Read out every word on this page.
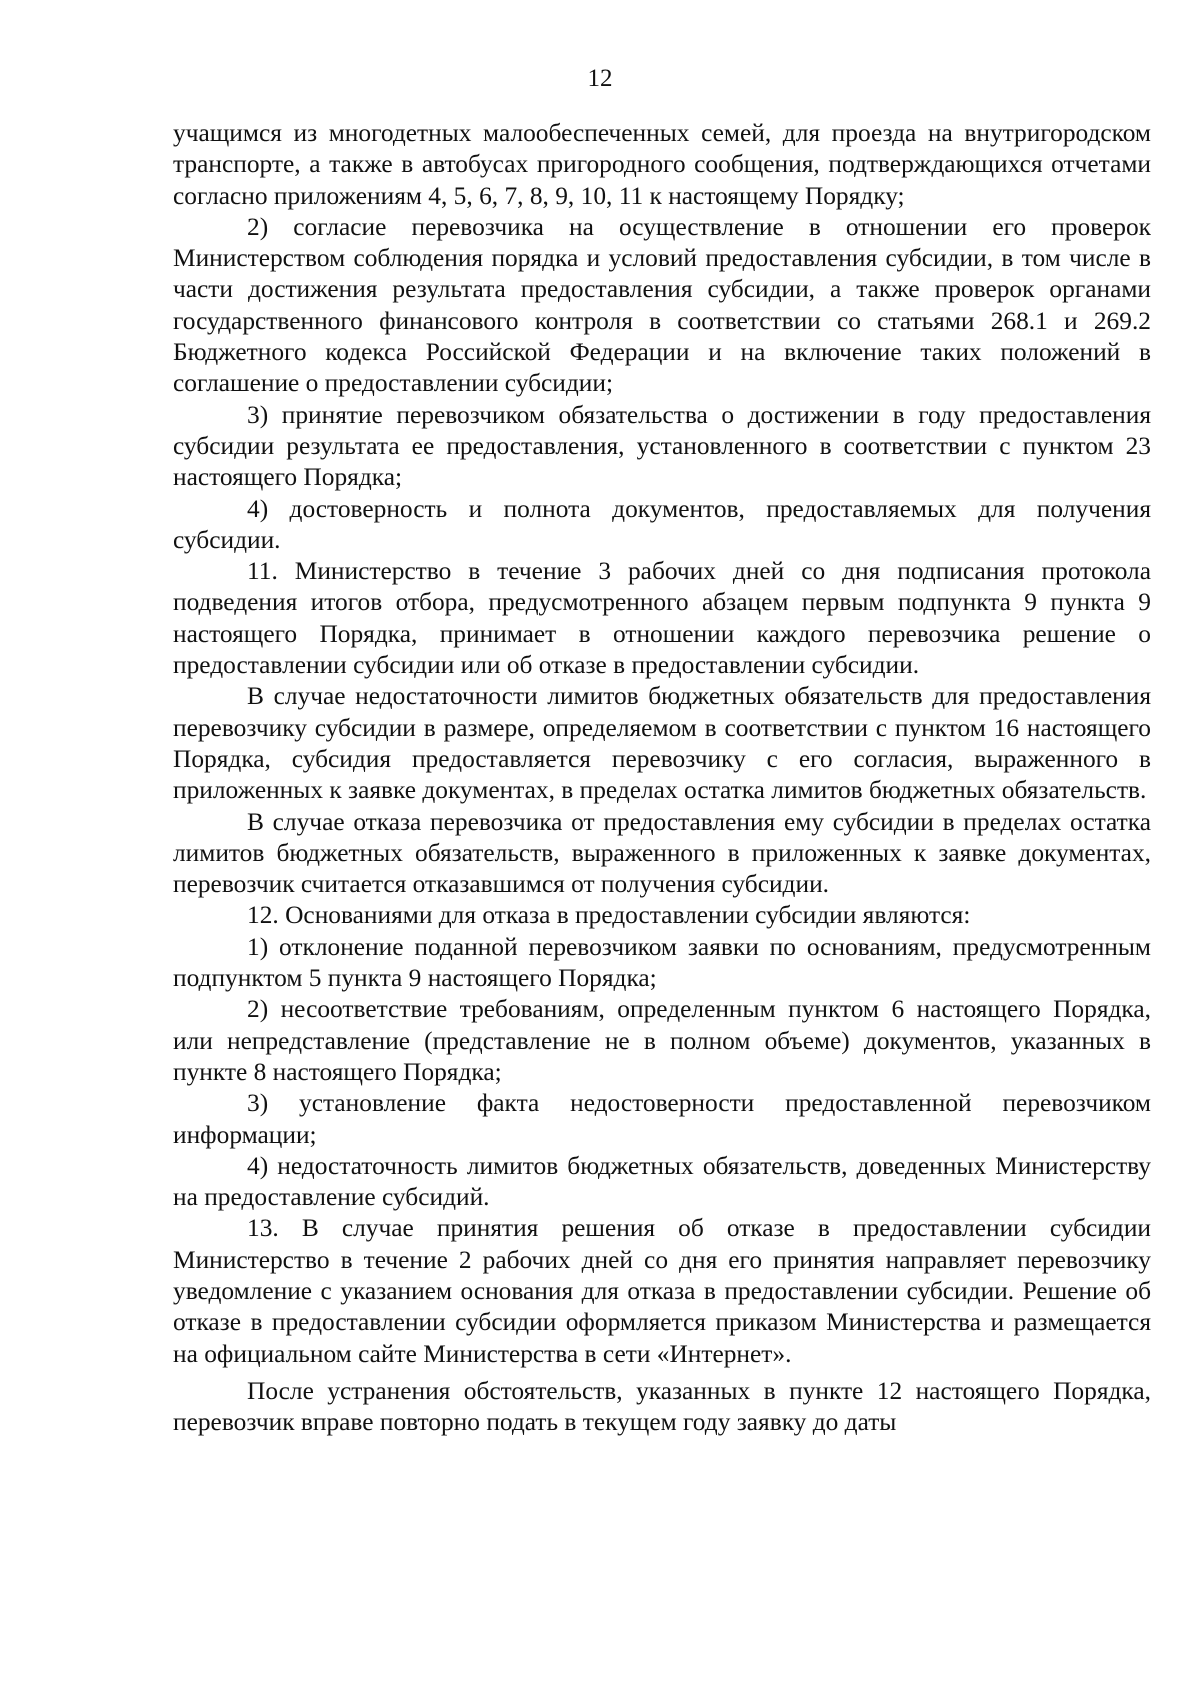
12

учащимся из многодетных малообеспеченных семей, для проезда на внутригородском транспорте, а также в автобусах пригородного сообщения, подтверждающихся отчетами согласно приложениям 4, 5, 6, 7, 8, 9, 10, 11 к настоящему Порядку;

2) согласие перевозчика на осуществление в отношении его проверок Министерством соблюдения порядка и условий предоставления субсидии, в том числе в части достижения результата предоставления субсидии, а также проверок органами государственного финансового контроля в соответствии со статьями 268.1 и 269.2 Бюджетного кодекса Российской Федерации и на включение таких положений в соглашение о предоставлении субсидии;

3) принятие перевозчиком обязательства о достижении в году предоставления субсидии результата ее предоставления, установленного в соответствии с пунктом 23 настоящего Порядка;

4) достоверность и полнота документов, предоставляемых для получения субсидии.

11. Министерство в течение 3 рабочих дней со дня подписания протокола подведения итогов отбора, предусмотренного абзацем первым подпункта 9 пункта 9 настоящего Порядка, принимает в отношении каждого перевозчика решение о предоставлении субсидии или об отказе в предоставлении субсидии.

В случае недостаточности лимитов бюджетных обязательств для предоставления перевозчику субсидии в размере, определяемом в соответствии с пунктом 16 настоящего Порядка, субсидия предоставляется перевозчику с его согласия, выраженного в приложенных к заявке документах, в пределах остатка лимитов бюджетных обязательств.

В случае отказа перевозчика от предоставления ему субсидии в пределах остатка лимитов бюджетных обязательств, выраженного в приложенных к заявке документах, перевозчик считается отказавшимся от получения субсидии.

12. Основаниями для отказа в предоставлении субсидии являются:

1) отклонение поданной перевозчиком заявки по основаниям, предусмотренным подпунктом 5 пункта 9 настоящего Порядка;

2) несоответствие требованиям, определенным пунктом 6 настоящего Порядка, или непредставление (представление не в полном объеме) документов, указанных в пункте 8 настоящего Порядка;

3) установление факта недостоверности предоставленной перевозчиком информации;

4) недостаточность лимитов бюджетных обязательств, доведенных Министерству на предоставление субсидий.

13. В случае принятия решения об отказе в предоставлении субсидии Министерство в течение 2 рабочих дней со дня его принятия направляет перевозчику уведомление с указанием основания для отказа в предоставлении субсидии. Решение об отказе в предоставлении субсидии оформляется приказом Министерства и размещается на официальном сайте Министерства в сети «Интернет».

После устранения обстоятельств, указанных в пункте 12 настоящего Порядка, перевозчик вправе повторно подать в текущем году заявку до даты
